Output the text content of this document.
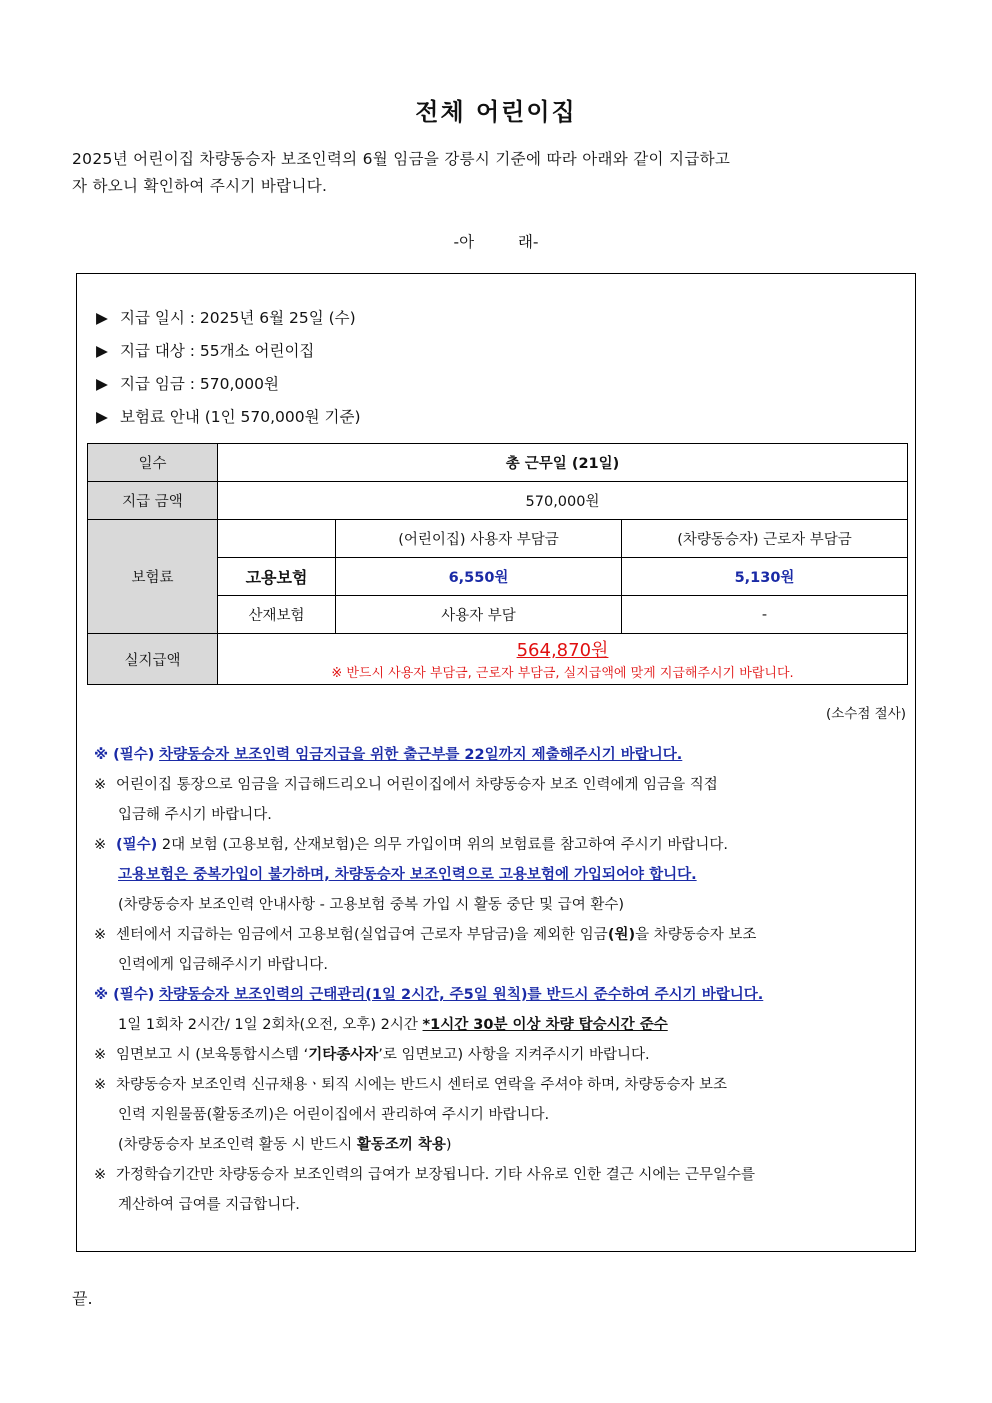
전체 어린이집
2025년 어린이집 차량동승자 보조인력의 6월 임금을 강릉시 기준에 따라 아래와 같이 지급하고
자 하오니 확인하여 주시기 바랍니다.
-아	래-
▶ 지급 일시 : 2025년 6월 25일 (수)
▶ 지급 대상 : 55개소 어린이집
▶ 지급 임금 : 570,000원
▶ 보험료 안내 (1인 570,000원 기준)
일수	총 근무일 (21일)		
지급 금액	570,000원		
보험료		(어린이집) 사용자 부담금	(차량동승자) 근로자 부담금
	고용보험	6,550원	5,130원
	산재보험	사용자 부담	-
실지급액	564,870원
※ 반드시 사용자 부담금, 근로자 부담금, 실지급액에 맞게 지급해주시기 바랍니다.		
(소수점 절사)
※ (필수) 차량동승자 보조인력 임금지급을 위한 출근부를 22일까지 제출해주시기 바랍니다.
※ 어린이집 통장으로 임금을 지급해드리오니 어린이집에서 차량동승자 보조 인력에게 임금을 직접
입금해 주시기 바랍니다.
※ (필수) 2대 보험 (고용보험, 산재보험)은 의무 가입이며 위의 보험료를 참고하여 주시기 바랍니다.
고용보험은 중복가입이 불가하며, 차량동승자 보조인력으로 고용보험에 가입되어야 합니다.
(차량동승자 보조인력 안내사항 - 고용보험 중복 가입 시 활동 중단 및 급여 환수)
※ 센터에서 지급하는 임금에서 고용보험(실업급여 근로자 부담금)을 제외한 임금(원)을 차량동승자 보조
인력에게 입금해주시기 바랍니다.
※ (필수) 차량동승자 보조인력의 근태관리(1일 2시간, 주5일 원칙)를 반드시 준수하여 주시기 바랍니다.
1일 1회차 2시간/ 1일 2회차(오전, 오후) 2시간 *1시간 30분 이상 차량 탑승시간 준수
※ 임면보고 시 (보육통합시스템 ‘기타종사자’로 임면보고) 사항을 지켜주시기 바랍니다.
※ 차량동승자 보조인력 신규채용ㆍ퇴직 시에는 반드시 센터로 연락을 주셔야 하며, 차량동승자 보조
인력 지원물품(활동조끼)은 어린이집에서 관리하여 주시기 바랍니다.
(차량동승자 보조인력 활동 시 반드시 활동조끼 착용)
※ 가정학습기간만 차량동승자 보조인력의 급여가 보장됩니다. 기타 사유로 인한 결근 시에는 근무일수를
계산하여 급여를 지급합니다.
끝.
